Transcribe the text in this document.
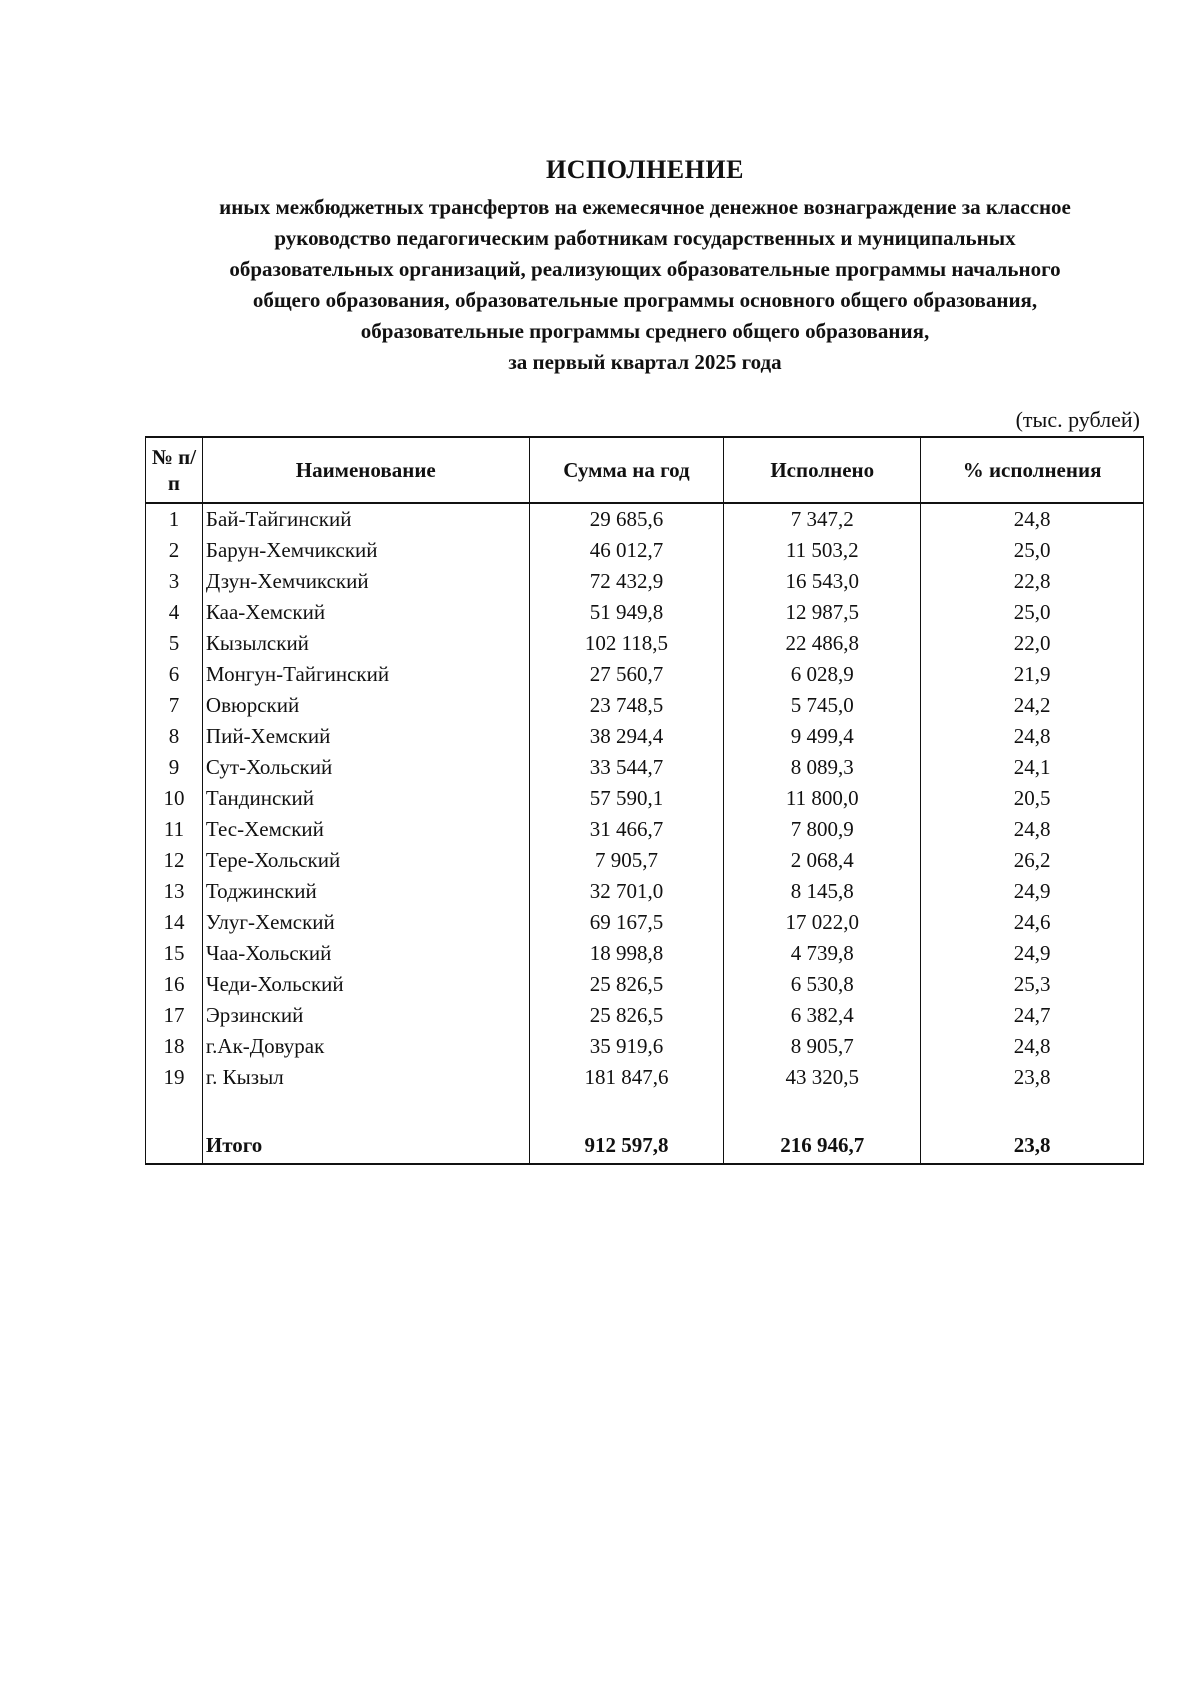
ИСПОЛНЕНИЕ
иных межбюджетных трансфертов на ежемесячное денежное вознаграждение за классное
руководство педагогическим работникам государственных и муниципальных
образовательных организаций, реализующих образовательные программы начального
общего образования, образовательные программы основного общего образования,
образовательные программы среднего общего образования,
за первый квартал 2025 года
(тыс. рублей)
№ п/п	Наименование	Сумма на год	Исполнено	% исполнения
1	Бай-Тайгинский	29 685,6	7 347,2	24,8
2	Барун-Хемчикский	46 012,7	11 503,2	25,0
3	Дзун-Хемчикский	72 432,9	16 543,0	22,8
4	Каа-Хемский	51 949,8	12 987,5	25,0
5	Кызылский	102 118,5	22 486,8	22,0
6	Монгун-Тайгинский	27 560,7	6 028,9	21,9
7	Овюрский	23 748,5	5 745,0	24,2
8	Пий-Хемский	38 294,4	9 499,4	24,8
9	Сут-Хольский	33 544,7	8 089,3	24,1
10	Тандинский	57 590,1	11 800,0	20,5
11	Тес-Хемский	31 466,7	7 800,9	24,8
12	Тере-Хольский	7 905,7	2 068,4	26,2
13	Тоджинский	32 701,0	8 145,8	24,9
14	Улуг-Хемский	69 167,5	17 022,0	24,6
15	Чаа-Хольский	18 998,8	4 739,8	24,9
16	Чеди-Хольский	25 826,5	6 530,8	25,3
17	Эрзинский	25 826,5	6 382,4	24,7
18	г.Ак-Довурак	35 919,6	8 905,7	24,8
19	г. Кызыл	181 847,6	43 320,5	23,8

	Итого	912 597,8	216 946,7	23,8
